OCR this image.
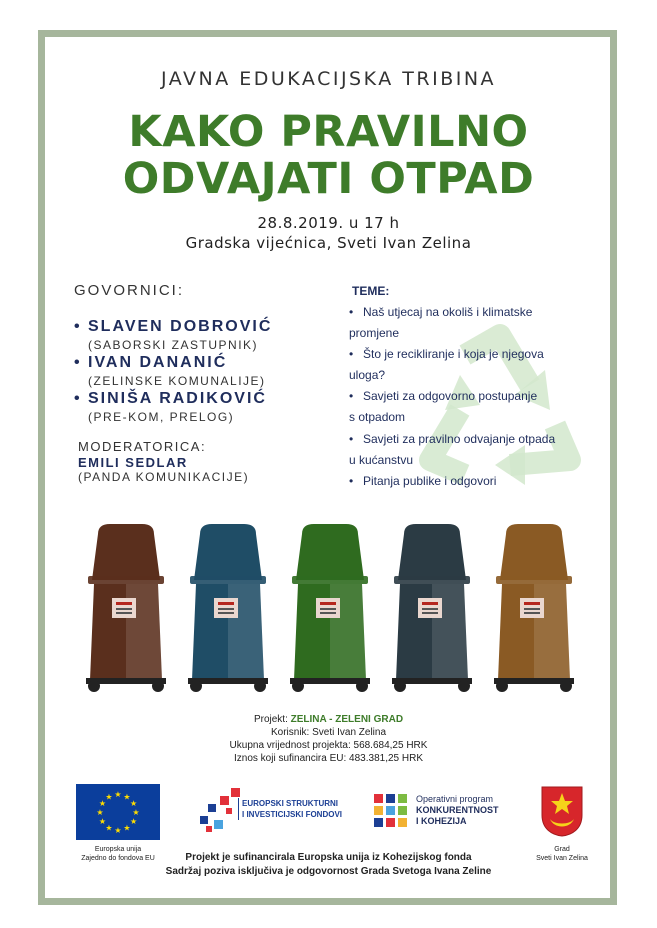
JAVNA EDUKACIJSKA TRIBINA
KAKO PRAVILNO
ODVAJATI OTPAD
28.8.2019. u 17 h
Gradska vijećnica, Sveti Ivan Zelina
GOVORNICI:
• SLAVEN DOBROVIĆ
(SABORSKI ZASTUPNIK)
• IVAN DANANIĆ
(ZELINSKE KOMUNALIJE)
• SINIŠA RADIKOVIĆ
(PRE-KOM, PRELOG)
MODERATORICA:
EMILI SEDLAR
(PANDA KOMUNIKACIJE)
TEME:
• Naš utjecaj na okoliš i klimatske
promjene
• Što je recikliranje i koja je njegova
uloga?
• Savjeti za odgovorno postupanje
s otpadom
• Savjeti za pravilno odvajanje otpada
u kućanstvu
• Pitanja publike i odgovori
Projekt: ZELINA - ZELENI GRAD
Korisnik: Sveti Ivan Zelina
Ukupna vrijednost projekta: 568.684,25 HRK
Iznos koji sufinancira EU: 483.381,25 HRK
★
★
★
★
★
★
★
★
★ ★ ★
★
Europska unija
Zajedno do fondova EU
EUROPSKI STRUKTURNI
I INVESTICIJSKI FONDOVI
Operativni program
KONKURENTNOST
I KOHEZIJA
Grad
Sveti Ivan Zelina
Projekt je sufinancirala Europska unija iz Kohezijskog fonda
Sadržaj poziva isključiva je odgovornost Grada Svetoga Ivana Zeline
